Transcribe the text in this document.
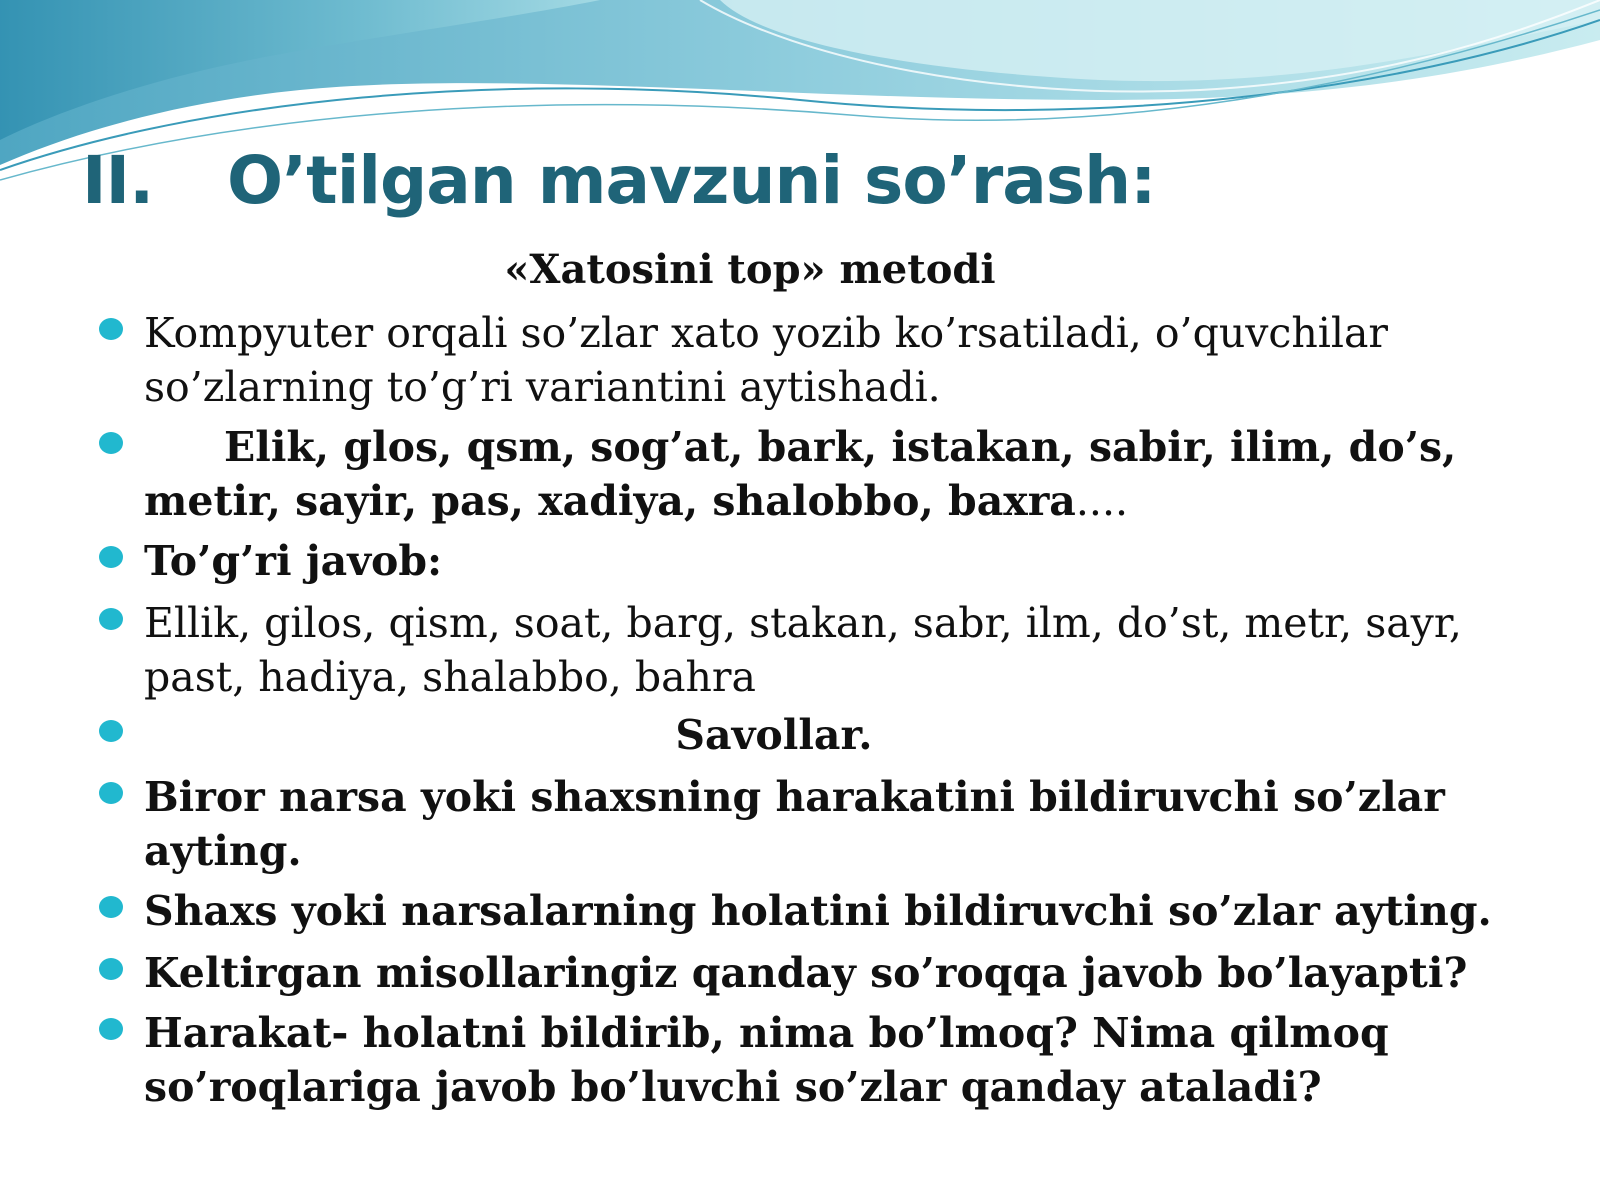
II. O’tilgan mavzuni so’rash:

«Xatosini top» metodi

Kompyuter orqali so’zlar xato yozib ko’rsatiladi, o’quvchilar so’zlarning to’g’ri variantini aytishadi.
Elik, glos, qsm, sog’at, bark, istakan, sabir, ilim, do’s, metir, sayir, pas, xadiya, shalobbo, baxra....
To’g’ri javob:
Ellik, gilos, qism, soat, barg, stakan, sabr, ilm, do’st, metr, sayr, past, hadiya, shalabbo, bahra
Savollar.
Biror narsa yoki shaxsning harakatini bildiruvchi so’zlar ayting.
Shaxs yoki narsalarning holatini bildiruvchi so’zlar ayting.
Keltirgan misollaringiz qanday so’roqqa javob bo’layapti?
Harakat- holatni bildirib, nima bo’lmoq? Nima qilmoq so’roqlariga javob bo’luvchi so’zlar qanday ataladi?
